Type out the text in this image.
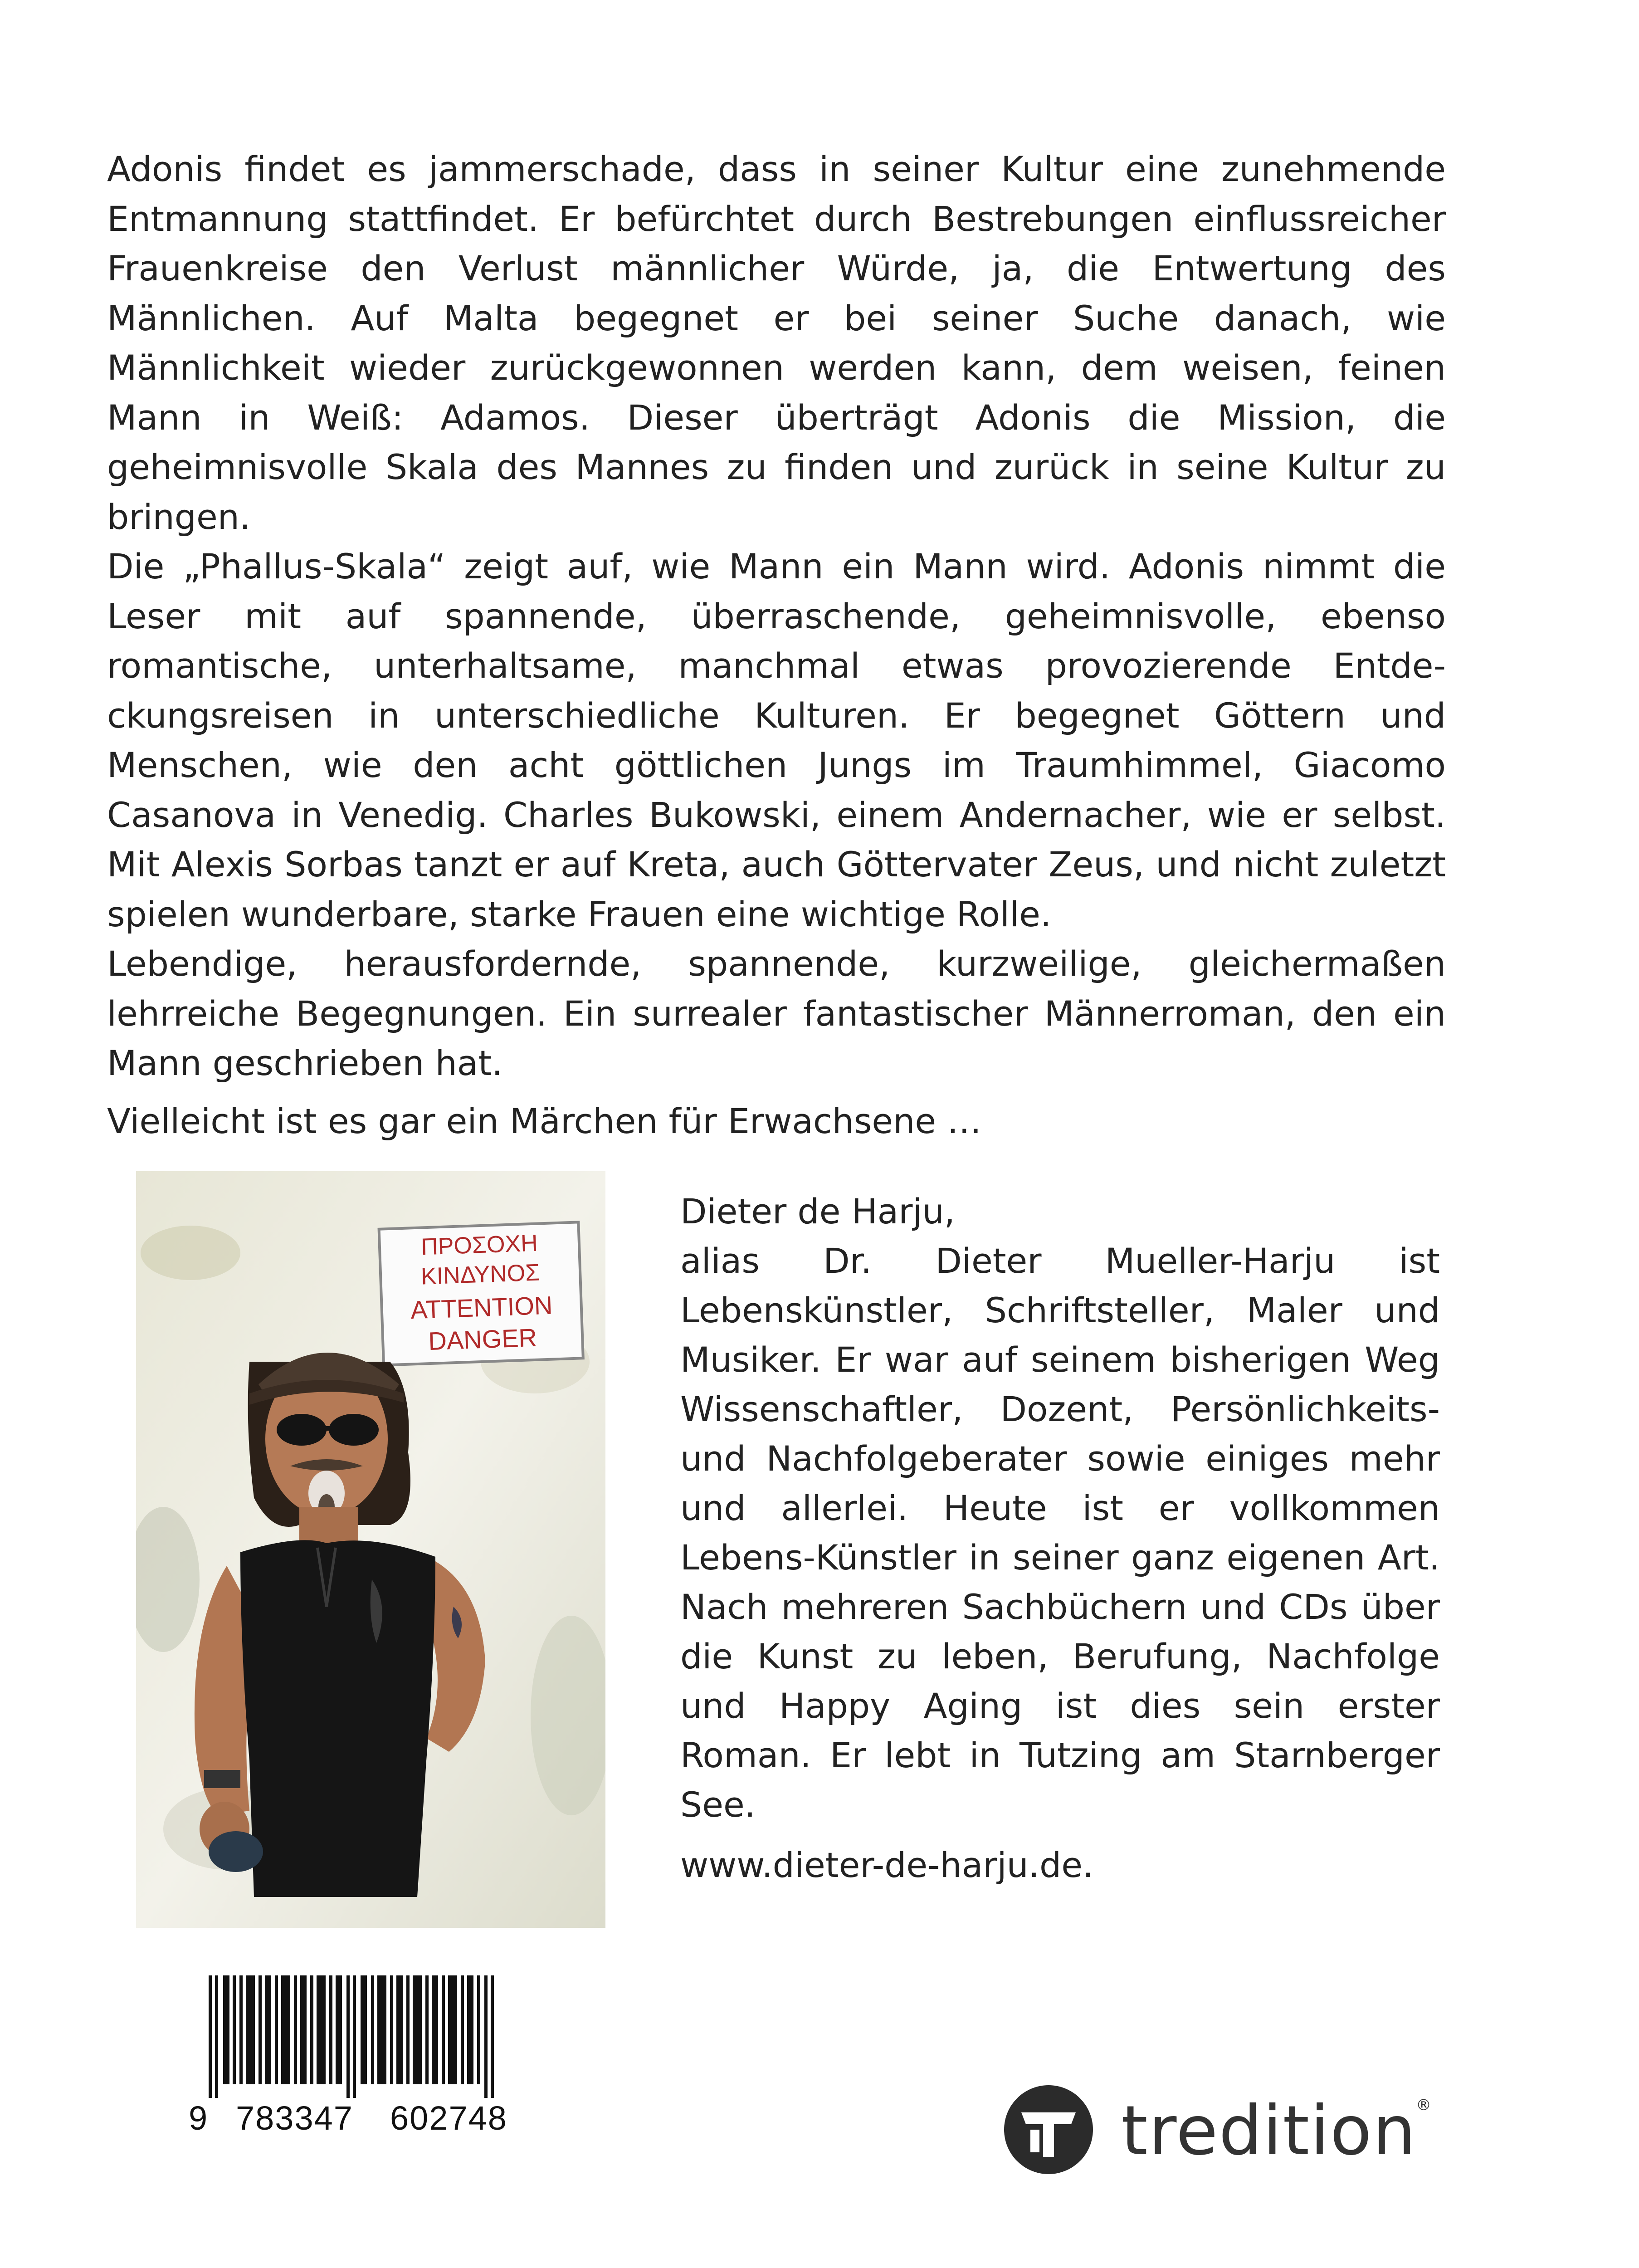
Adonis findet es jammerschade, dass in seiner Kultur eine zunehmende Entmannung stattfindet. Er befürchtet durch Bestrebungen einflussreicher Frauenkreise den Verlust männlicher Würde, ja, die Entwertung des Männlichen. Auf Malta begegnet er bei seiner Suche danach, wie Männlichkeit wieder zurückgewonnen werden kann, dem weisen, feinen Mann in Weiß: Adamos. Dieser überträgt Adonis die Mission, die geheimnisvolle Skala des Mannes zu finden und zurück in seine Kultur zu bringen.

Die „Phallus-Skala“ zeigt auf, wie Mann ein Mann wird. Adonis nimmt die Leser mit auf spannende, überraschende, geheimnisvolle, ebenso romantische, unterhaltsame, manchmal etwas provozierende Entdeckungsreisen in unterschiedliche Kulturen. Er begegnet Göttern und Menschen, wie den acht göttlichen Jungs im Traumhimmel, Giacomo Casanova in Venedig. Charles Bukowski, einem Andernacher, wie er selbst. Mit Alexis Sorbas tanzt er auf Kreta, auch Göttervater Zeus, und nicht zuletzt spielen wunderbare, starke Frauen eine wichtige Rolle.

Lebendige, herausfordernde, spannende, kurzweilige, gleichermaßen lehrreiche Begegnungen. Ein surrealer fantastischer Männerroman, den ein Mann geschrieben hat.

Vielleicht ist es gar ein Märchen für Erwachsene …

ΠΡΟΣΟΧΗ
ΚΙΝΔΥΝΟΣ
ATTENTION
DANGER

Dieter de Harju,

alias Dr. Dieter Mueller-Harju ist Lebenskünstler, Schriftsteller, Maler und Musiker. Er war auf seinem bisherigen Weg Wissenschaftler, Dozent, Persönlichkeits- und Nachfolgeberater sowie einiges mehr und allerlei. Heute ist er vollkommen Lebens-Künstler in seiner ganz eigenen Art. Nach mehreren Sachbüchern und CDs über die Kunst zu leben, Berufung, Nachfolge und Happy Aging ist dies sein erster Roman. Er lebt in Tutzing am Starnberger See.

www.dieter-de-harju.de.

9 783347 602748	tredition
®
